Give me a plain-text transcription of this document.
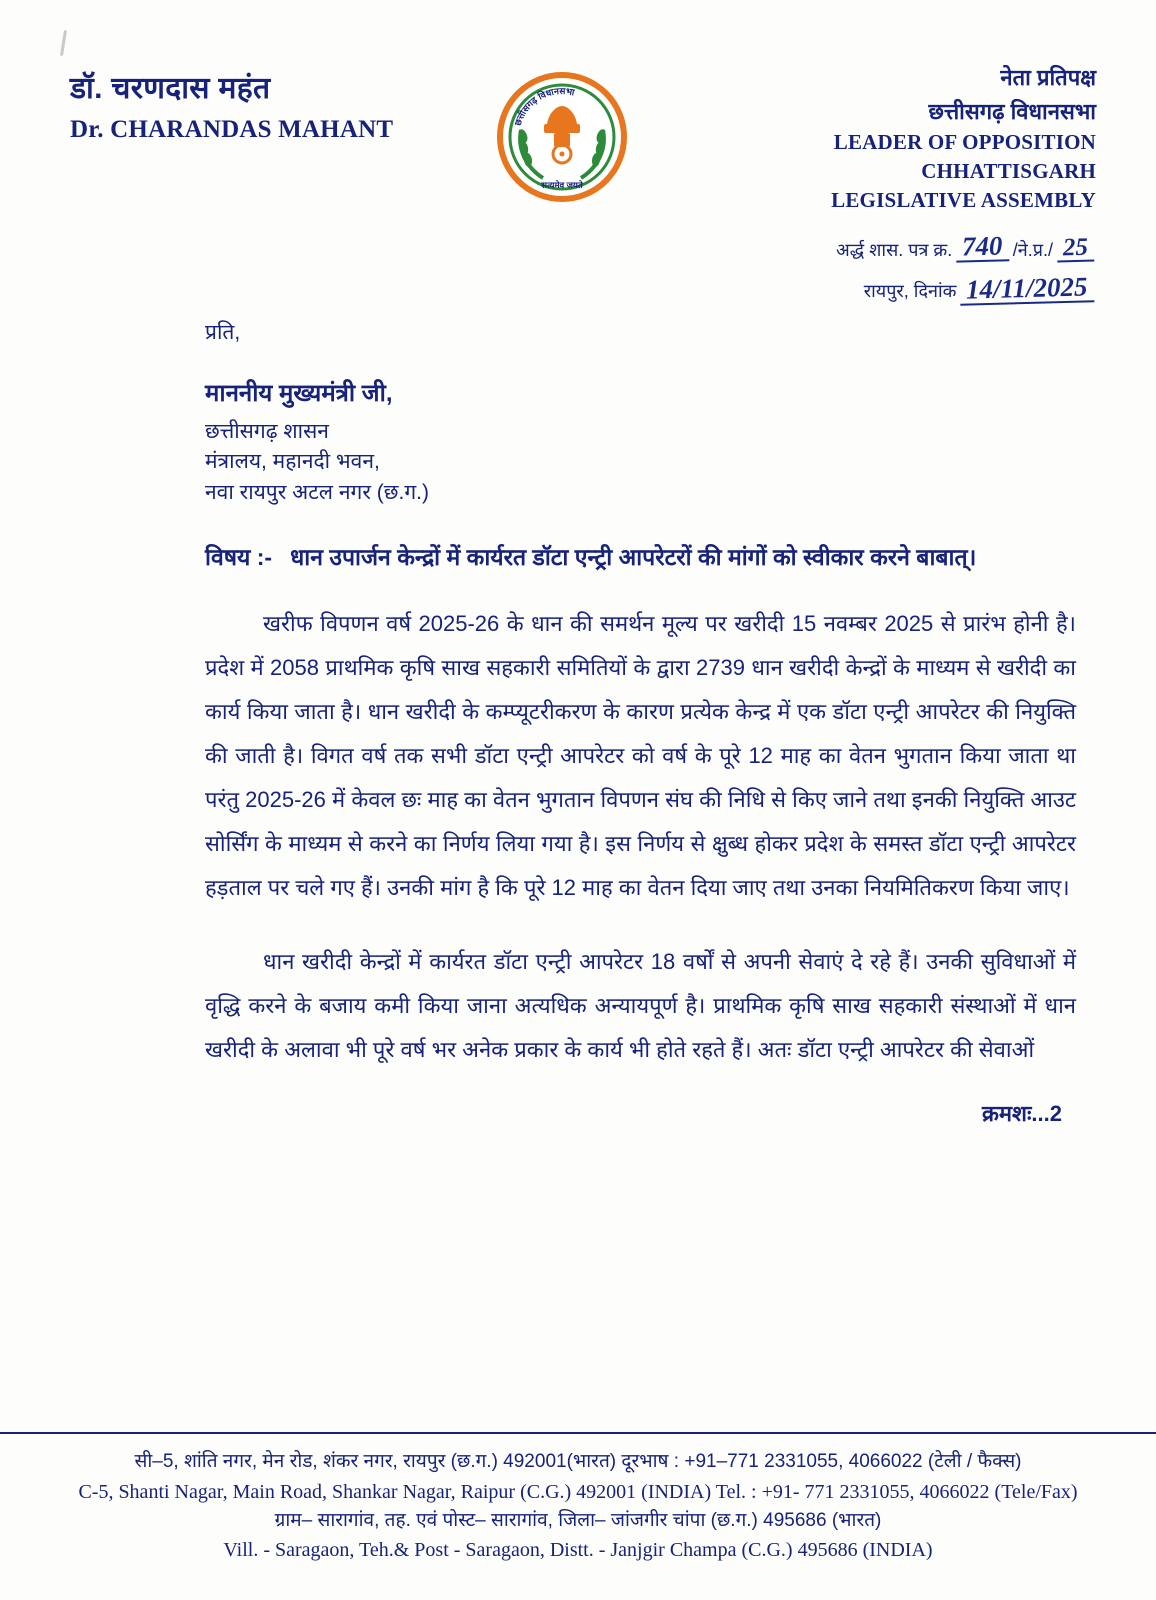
डॉ. चरणदास महंत
Dr. CHARANDAS MAHANT	छत्तीसगढ़ विधानसभा
सत्यमेव जयते
नेता प्रतिपक्ष
छत्तीसगढ़ विधानसभा
LEADER OF OPPOSITION
CHHATTISGARH
LEGISLATIVE ASSEMBLY
अर्द्ध शास. पत्र क्र. 740 /ने.प्र./ 25
रायपुर, दिनांक 14/11/2025
प्रति,
माननीय मुख्यमंत्री जी,
छत्तीसगढ़ शासन
मंत्रालय, महानदी भवन,
नवा रायपुर अटल नगर (छ.ग.)
विषय :- धान उपार्जन केन्द्रों में कार्यरत डॉटा एन्ट्री आपरेटरों की मांगों को स्वीकार करने बाबात्।
खरीफ विपणन वर्ष 2025-26 के धान की समर्थन मूल्य पर खरीदी 15 नवम्बर 2025 से प्रारंभ होनी है। प्रदेश में 2058 प्राथमिक कृषि साख सहकारी समितियों के द्वारा 2739 धान खरीदी केन्द्रों के माध्यम से खरीदी का कार्य किया जाता है। धान खरीदी के कम्प्यूटरीकरण के कारण प्रत्येक केन्द्र में एक डॉटा एन्ट्री आपरेटर की नियुक्ति की जाती है। विगत वर्ष तक सभी डॉटा एन्ट्री आपरेटर को वर्ष के पूरे 12 माह का वेतन भुगतान किया जाता था परंतु 2025-26 में केवल छः माह का वेतन भुगतान विपणन संघ की निधि से किए जाने तथा इनकी नियुक्ति आउट सोर्सिंग के माध्यम से करने का निर्णय लिया गया है। इस निर्णय से क्षुब्ध होकर प्रदेश के समस्त डॉटा एन्ट्री आपरेटर हड़ताल पर चले गए हैं। उनकी मांग है कि पूरे 12 माह का वेतन दिया जाए तथा उनका नियमितिकरण किया जाए।
धान खरीदी केन्द्रों में कार्यरत डॉटा एन्ट्री आपरेटर 18 वर्षों से अपनी सेवाएं दे रहे हैं। उनकी सुविधाओं में वृद्धि करने के बजाय कमी किया जाना अत्यधिक अन्यायपूर्ण है। प्राथमिक कृषि साख सहकारी संस्थाओं में धान खरीदी के अलावा भी पूरे वर्ष भर अनेक प्रकार के कार्य भी होते रहते हैं। अतः डॉटा एन्ट्री आपरेटर की सेवाओं
क्रमशः...2
सी–5, शांति नगर, मेन रोड, शंकर नगर, रायपुर (छ.ग.) 492001(भारत) दूरभाष : +91–771 2331055, 4066022 (टेली / फैक्स)
C-5, Shanti Nagar, Main Road, Shankar Nagar, Raipur (C.G.) 492001 (INDIA) Tel. : +91- 771 2331055, 4066022 (Tele/Fax)
ग्राम– सारागांव, तह. एवं पोस्ट– सारागांव, जिला– जांजगीर चांपा (छ.ग.) 495686 (भारत)
Vill. - Saragaon, Teh.& Post - Saragaon, Distt. - Janjgir Champa (C.G.) 495686 (INDIA)
